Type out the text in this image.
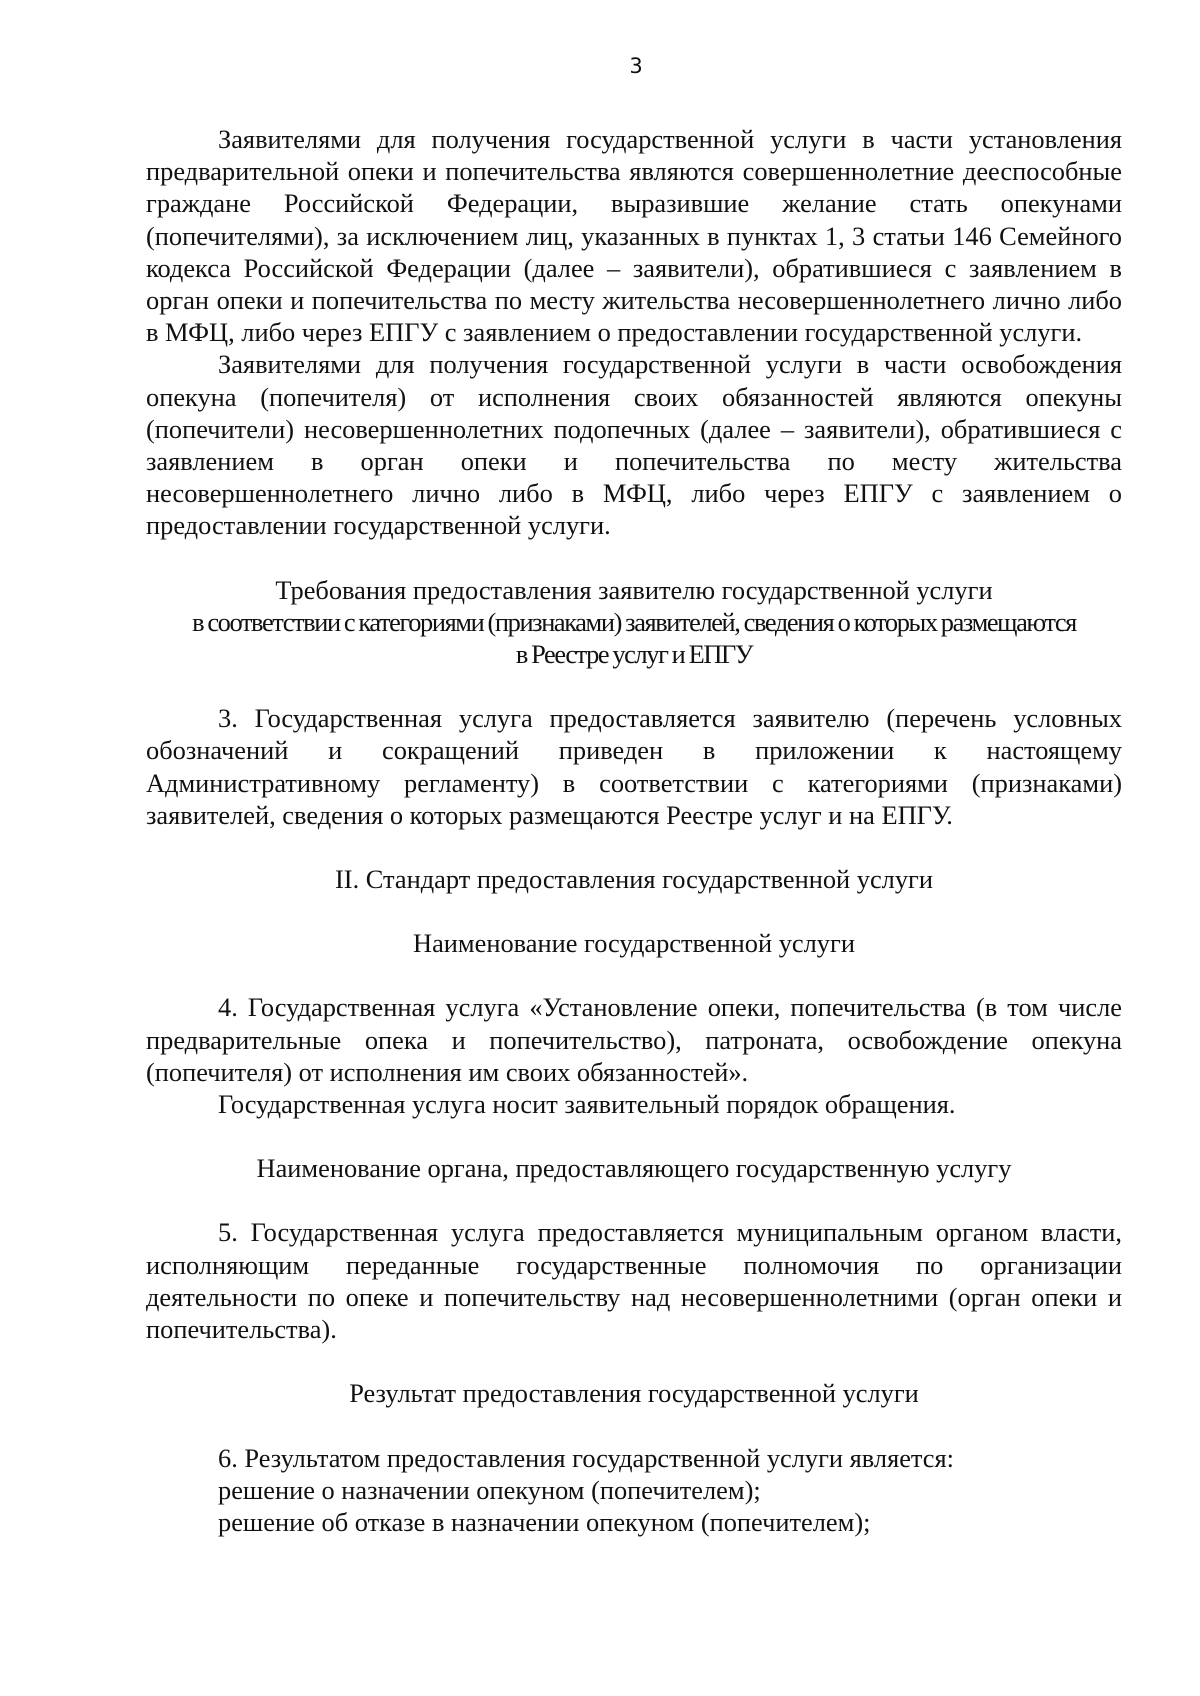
3

Заявителями для получения государственной услуги в части установления предварительной опеки и попечительства являются совершеннолетние дееспособные граждане Российской Федерации, выразившие желание стать опекунами (попечителями), за исключением лиц, указанных в пунктах 1, 3 статьи 146 Семейного кодекса Российской Федерации (далее – заявители), обратившиеся с заявлением в орган опеки и попечительства по месту жительства несовершеннолетнего лично либо в МФЦ, либо через ЕПГУ с заявлением о предоставлении государственной услуги.

Заявителями для получения государственной услуги в части освобождения опекуна (попечителя) от исполнения своих обязанностей являются опекуны (попечители) несовершеннолетних подопечных (далее – заявители), обратившиеся с заявлением в орган опеки и попечительства по месту жительства несовершеннолетнего лично либо в МФЦ, либо через ЕПГУ с заявлением о предоставлении государственной услуги.

Требования предоставления заявителю государственной услуги

в соответствии с категориями (признаками) заявителей, сведения о которых размещаются

в Реестре услуг и ЕПГУ

3. Государственная услуга предоставляется заявителю (перечень условных обозначений и сокращений приведен в приложении к настоящему Административному регламенту) в соответствии с категориями (признаками) заявителей, сведения о которых размещаются Реестре услуг и на ЕПГУ.

II. Стандарт предоставления государственной услуги

Наименование государственной услуги

4. Государственная услуга «Установление опеки, попечительства (в том числе предварительные опека и попечительство), патроната, освобождение опекуна (попечителя) от исполнения им своих обязанностей».

Государственная услуга носит заявительный порядок обращения.

Наименование органа, предоставляющего государственную услугу

5. Государственная услуга предоставляется муниципальным органом власти, исполняющим переданные государственные полномочия по организации деятельности по опеке и попечительству над несовершеннолетними (орган опеки и попечительства).

Результат предоставления государственной услуги

6. Результатом предоставления государственной услуги является:

решение о назначении опекуном (попечителем);

решение об отказе в назначении опекуном (попечителем);
